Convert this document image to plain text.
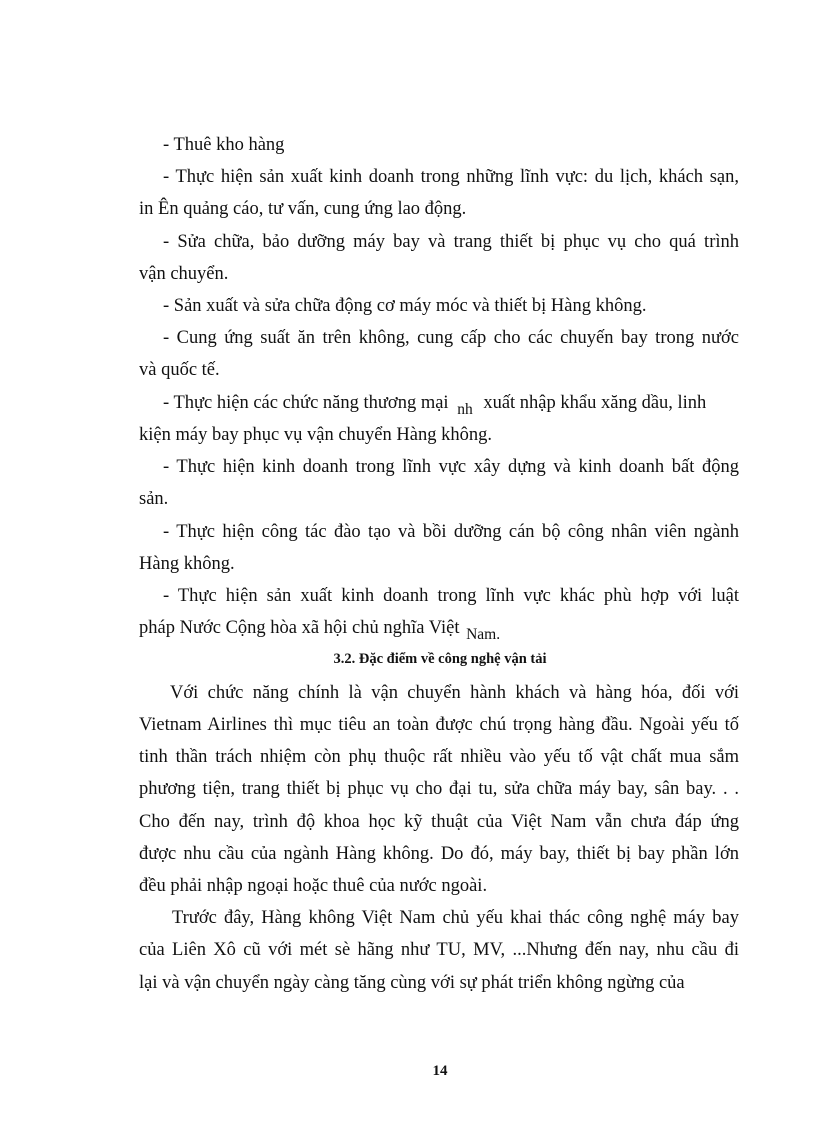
- Thuê kho hàng
- Thực hiện sản xuất kinh doanh trong những lĩnh vực: du lịch, khách sạn,
in Ên quảng cáo, tư vấn, cung ứng lao động.
- Sửa chữa, bảo dưỡng máy bay và trang thiết bị phục vụ cho quá trình
vận chuyển.
- Sản xuất và sửa chữa động cơ máy móc và thiết bị Hàng không.
- Cung ứng suất ăn trên không, cung cấp cho các chuyến bay trong nước
và quốc tế.
- Thực hiện các chức năng thương mại $_{nh}$ xuất nhập khẩu xăng dầu, linh
kiện máy bay phục vụ vận chuyển Hàng không.
- Thực hiện kinh doanh trong lĩnh vực xây dựng và kinh doanh bất động
sản.
- Thực hiện công tác đào tạo và bồi dưỡng cán bộ công nhân viên ngành
Hàng không.
- Thực hiện sản xuất kinh doanh trong lĩnh vực khác phù hợp với luật
pháp Nước Cộng hòa xã hội chủ nghĩa Việt $_{Nam.}$
3.2. Đặc điểm về công nghệ vận tải
Với chức năng chính là vận chuyển hành khách và hàng hóa, đối với
Vietnam Airlines thì mục tiêu an toàn được chú trọng hàng đầu. Ngoài yếu tố
tinh thần trách nhiệm còn phụ thuộc rất nhiều vào yếu tố vật chất mua sắm
phương tiện, trang thiết bị phục vụ cho đại tu, sửa chữa máy bay, sân bay. . .
Cho đến nay, trình độ khoa học kỹ thuật của Việt Nam vẫn chưa đáp ứng
được nhu cầu của ngành Hàng không. Do đó, máy bay, thiết bị bay phần lớn
đều phải nhập ngoại hoặc thuê của nước ngoài.
Trước đây, Hàng không Việt Nam chủ yếu khai thác công nghệ máy bay
của Liên Xô cũ với mét sè hãng như TU, MV, ...Nhưng đến nay, nhu cầu đi
lại và vận chuyển ngày càng tăng cùng với sự phát triển không ngừng của
14
